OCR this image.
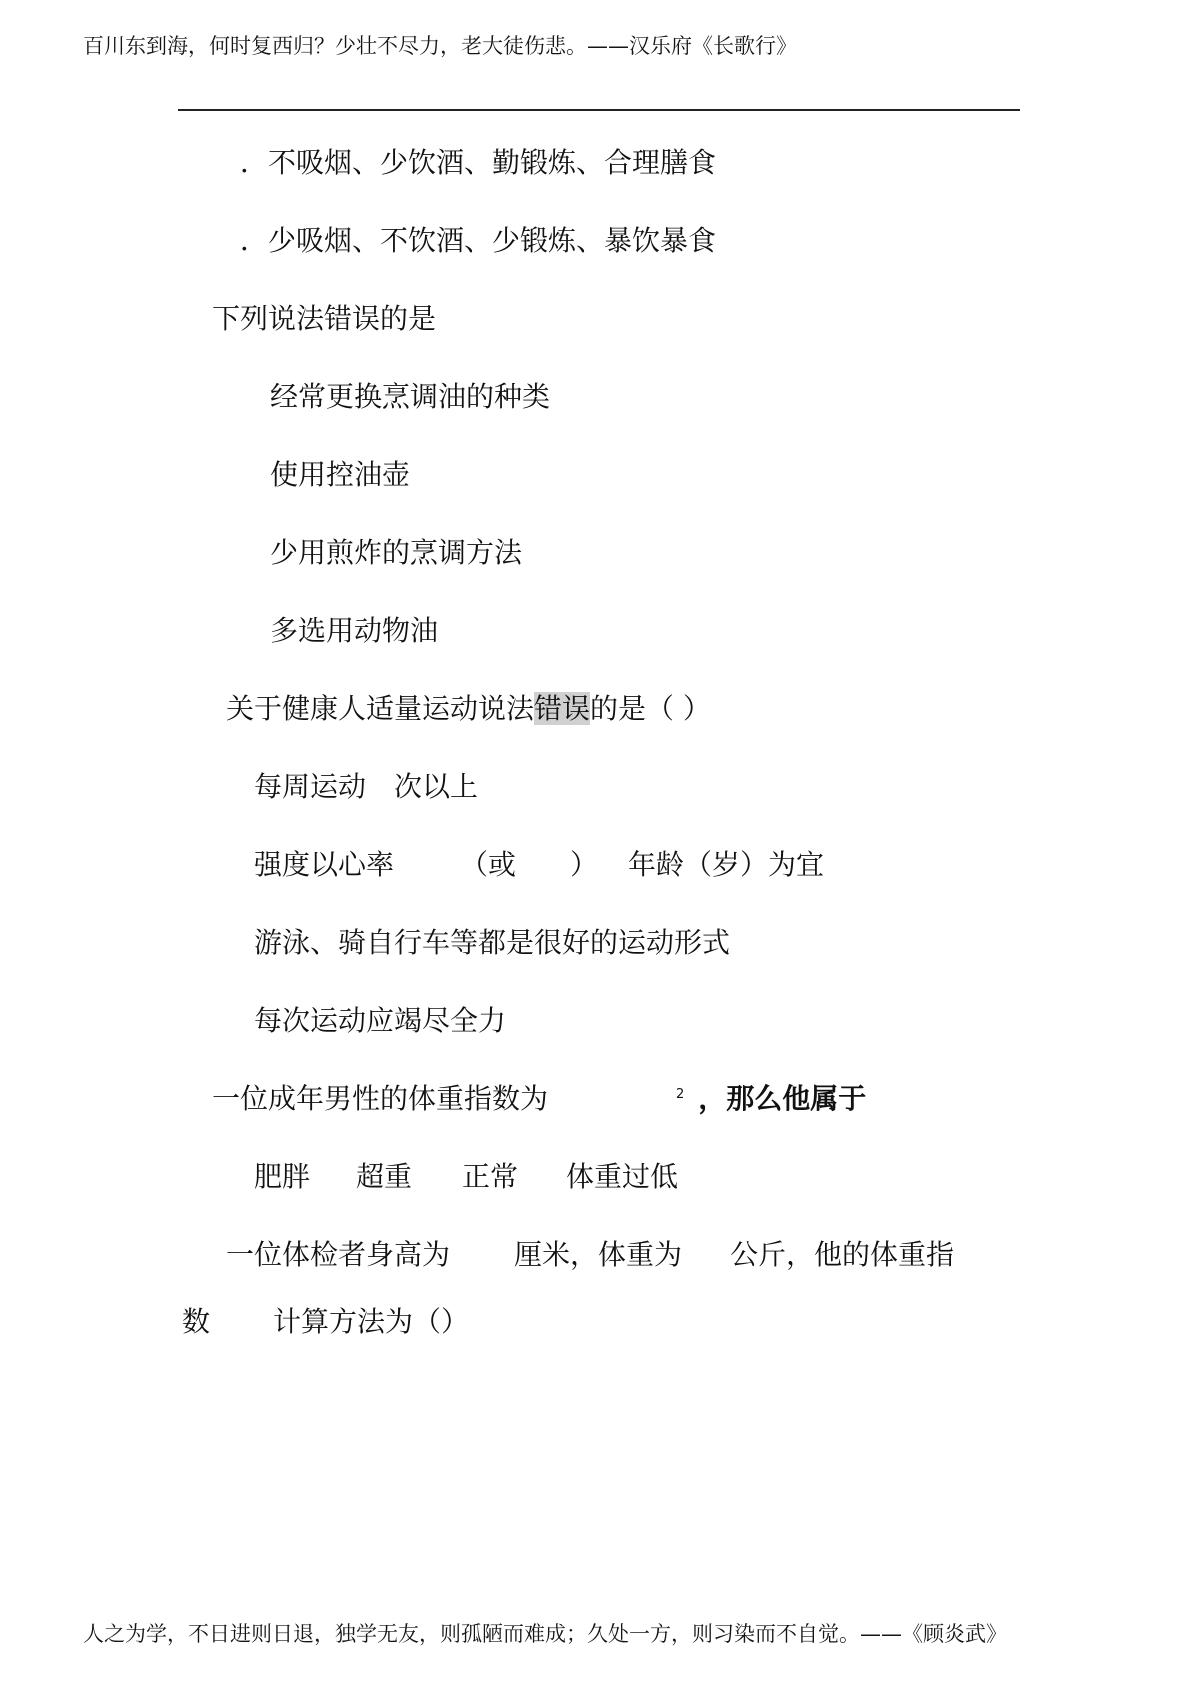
百川东到海，何时复西归？少壮不尽力，老大徒伤悲。——汉乐府《长歌行》
．不吸烟、少饮酒、勤锻炼、合理膳食
．少吸烟、不饮酒、少锻炼、暴饮暴食
下列说法错误的是
经常更换烹调油的种类
使用控油壶
少用煎炸的烹调方法
多选用动物油
关于健康人适量运动说法错误的是（ ）
每周运动 次以上
强度以心率 （或 ） 年龄（岁）为宜
游泳、骑自行车等都是很好的运动形式
每次运动应竭尽全力
一位成年男性的体重指数为	$^2$ ，那么他属于
肥胖 超重 正常 体重过低
一位体检者身高为 厘米，体重为 公斤，他的体重指
数 计算方法为（）
人之为学，不日进则日退，独学无友，则孤陋而难成；久处一方，则习染而不自觉。——《顾炎武》
